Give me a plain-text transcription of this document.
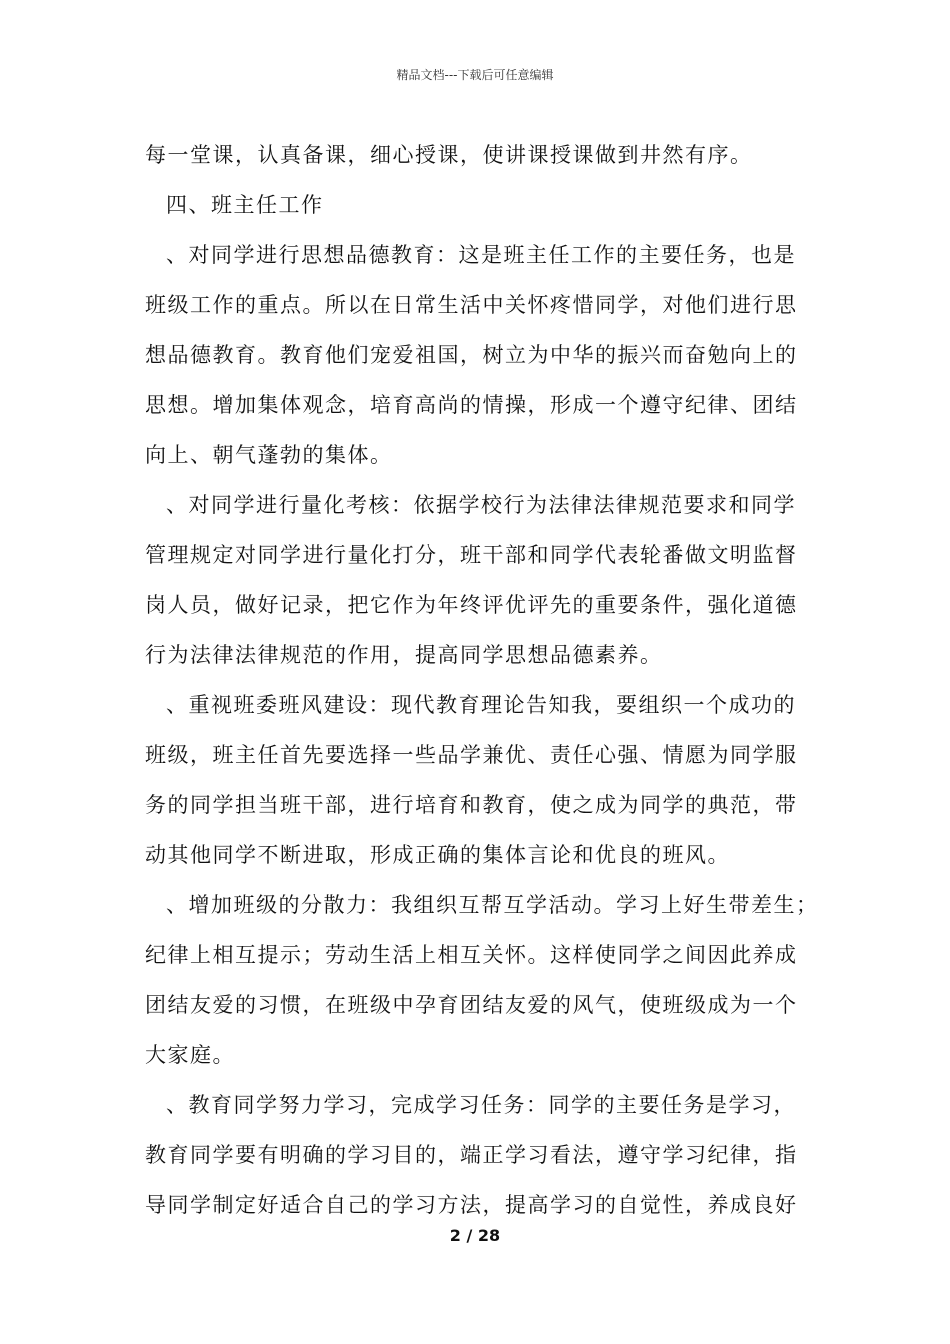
精品文档---下载后可任意编辑
每一堂课，认真备课，细心授课，使讲课授课做到井然有序。
四、班主任工作
、对同学进行思想品德教育：这是班主任工作的主要任务，也是
班级工作的重点。所以在日常生活中关怀疼惜同学，对他们进行思
想品德教育。教育他们宠爱祖国，树立为中华的振兴而奋勉向上的
思想。增加集体观念，培育高尚的情操，形成一个遵守纪律、团结
向上、朝气蓬勃的集体。
、对同学进行量化考核：依据学校行为法律法律规范要求和同学
管理规定对同学进行量化打分，班干部和同学代表轮番做文明监督
岗人员，做好记录，把它作为年终评优评先的重要条件，强化道德
行为法律法律规范的作用，提高同学思想品德素养。
、重视班委班风建设：现代教育理论告知我，要组织一个成功的
班级，班主任首先要选择一些品学兼优、责任心强、情愿为同学服
务的同学担当班干部，进行培育和教育，使之成为同学的典范，带
动其他同学不断进取，形成正确的集体言论和优良的班风。
、增加班级的分散力：我组织互帮互学活动。学习上好生带差生；
纪律上相互提示；劳动生活上相互关怀。这样使同学之间因此养成
团结友爱的习惯，在班级中孕育团结友爱的风气，使班级成为一个
大家庭。
、教育同学努力学习，完成学习任务：同学的主要任务是学习，
教育同学要有明确的学习目的，端正学习看法，遵守学习纪律，指
导同学制定好适合自己的学习方法，提高学习的自觉性，养成良好
2 / 28
